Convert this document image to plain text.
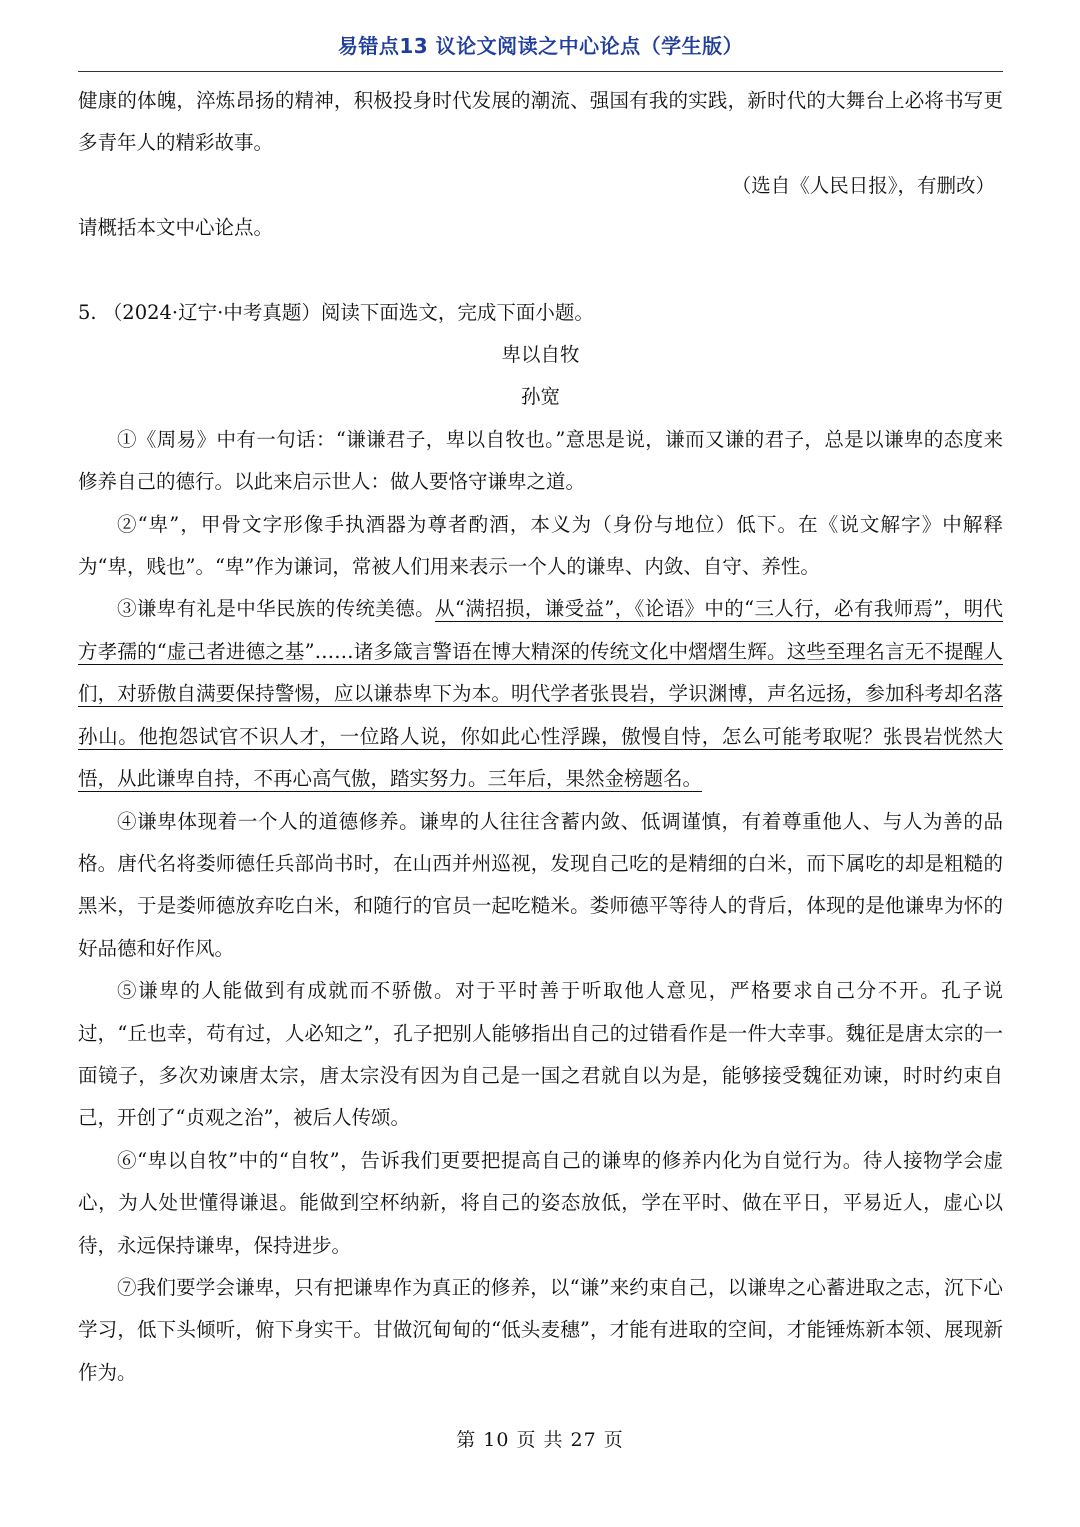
易错点13 议论文阅读之中心论点（学生版）

健康的体魄，淬炼昂扬的精神，积极投身时代发展的潮流、强国有我的实践，新时代的大舞台上必将书写更多青年人的精彩故事。

（选自《人民日报》，有删改）

请概括本文中心论点。

5. （2024·辽宁·中考真题）阅读下面选文，完成下面小题。

卑以自牧

孙宽

①《周易》中有一句话：“谦谦君子，卑以自牧也。”意思是说，谦而又谦的君子，总是以谦卑的态度来修养自己的德行。以此来启示世人：做人要恪守谦卑之道。

②“卑”，甲骨文字形像手执酒器为尊者酌酒，本义为（身份与地位）低下。在《说文解字》中解释为“卑，贱也”。“卑”作为谦词，常被人们用来表示一个人的谦卑、内敛、自守、养性。

③谦卑有礼是中华民族的传统美德。从“满招损，谦受益”，《论语》中的“三人行，必有我师焉”，明代方孝孺的“虚己者进德之基”……诸多箴言警语在博大精深的传统文化中熠熠生辉。这些至理名言无不提醒人们，对骄傲自满要保持警惕，应以谦恭卑下为本。明代学者张畏岩，学识渊博，声名远扬，参加科考却名落孙山。他抱怨试官不识人才，一位路人说，你如此心性浮躁，傲慢自恃，怎么可能考取呢？张畏岩恍然大悟，从此谦卑自持，不再心高气傲，踏实努力。三年后，果然金榜题名。

④谦卑体现着一个人的道德修养。谦卑的人往往含蓄内敛、低调谨慎，有着尊重他人、与人为善的品格。唐代名将娄师德任兵部尚书时，在山西并州巡视，发现自己吃的是精细的白米，而下属吃的却是粗糙的黑米，于是娄师德放弃吃白米，和随行的官员一起吃糙米。娄师德平等待人的背后，体现的是他谦卑为怀的好品德和好作风。

⑤谦卑的人能做到有成就而不骄傲。对于平时善于听取他人意见，严格要求自己分不开。孔子说过，“丘也幸，苟有过，人必知之”，孔子把别人能够指出自己的过错看作是一件大幸事。魏征是唐太宗的一面镜子，多次劝谏唐太宗，唐太宗没有因为自己是一国之君就自以为是，能够接受魏征劝谏，时时约束自己，开创了“贞观之治”，被后人传颂。

⑥“卑以自牧”中的“自牧”，告诉我们更要把提高自己的谦卑的修养内化为自觉行为。待人接物学会虚心，为人处世懂得谦退。能做到空杯纳新，将自己的姿态放低，学在平时、做在平日，平易近人，虚心以待，永远保持谦卑，保持进步。

⑦我们要学会谦卑，只有把谦卑作为真正的修养，以“谦”来约束自己，以谦卑之心蓄进取之志，沉下心学习，低下头倾听，俯下身实干。甘做沉甸甸的“低头麦穗”，才能有进取的空间，才能锤炼新本领、展现新作为。

第 10 页 共 27 页
